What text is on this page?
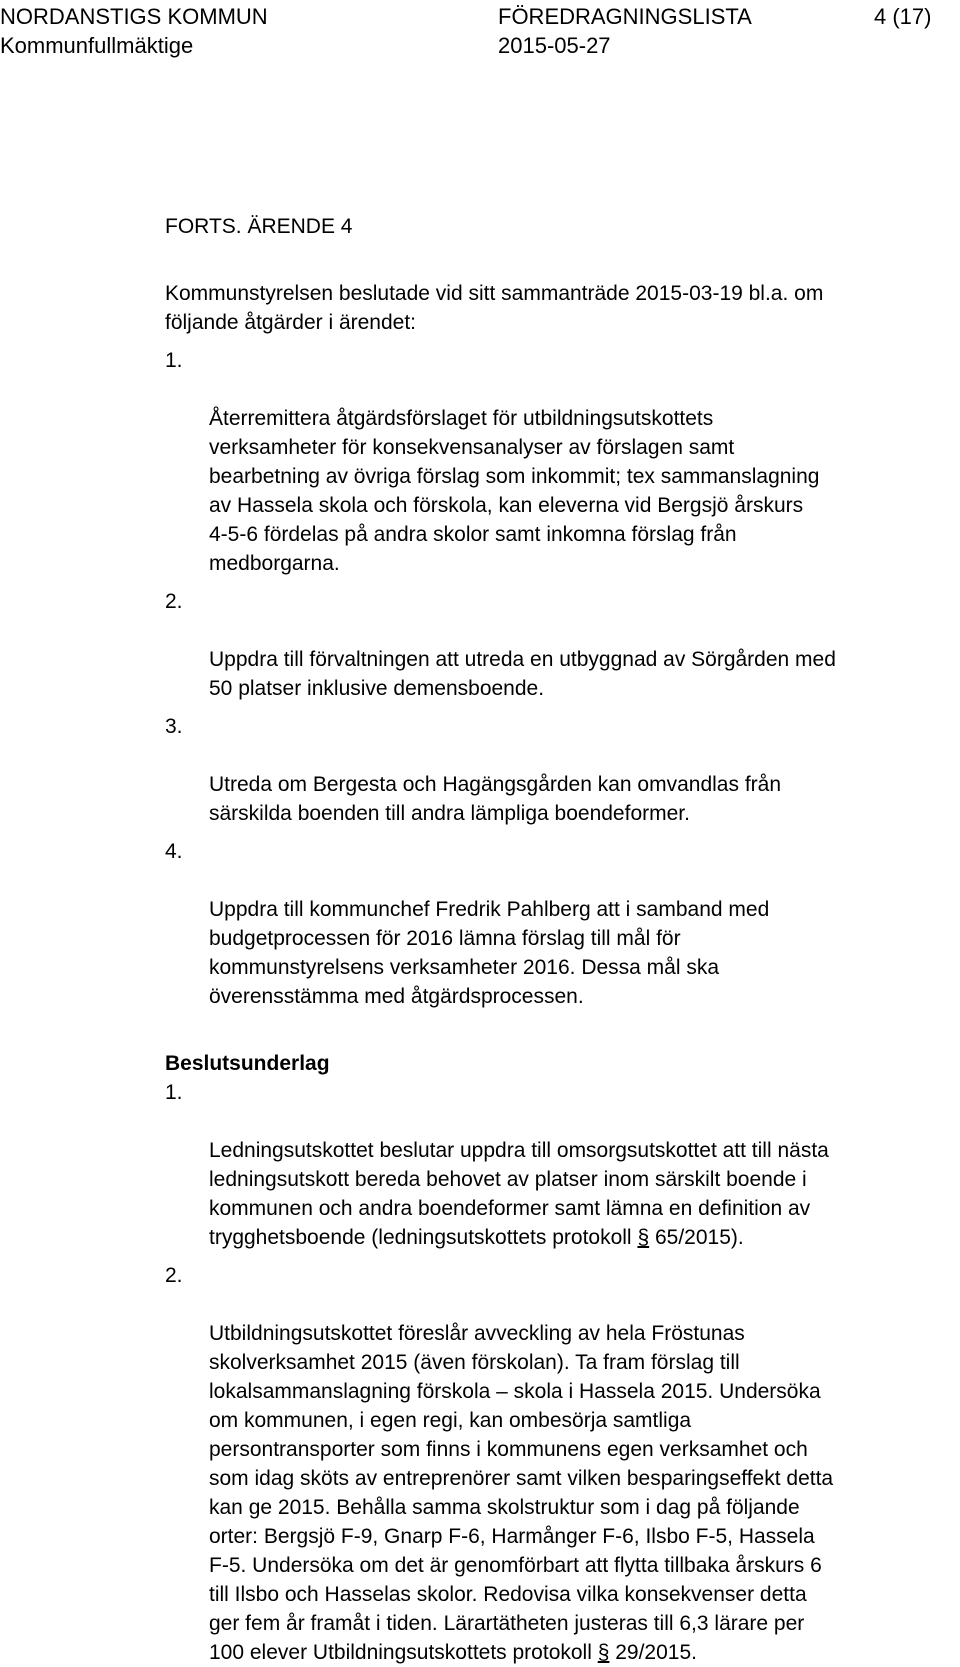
NORDANSTIGS KOMMUN
Kommunfullmäktige
FÖREDRAGNINGSLISTA
2015-05-27
4 (17)

FORTS. ÄRENDE 4

Kommunstyrelsen beslutade vid sitt sammanträde 2015-03-19 bl.a. om
följande åtgärder i ärendet:

1.

Återremittera åtgärdsförslaget för utbildningsutskottets
verksamheter för konsekvensanalyser av förslagen samt
bearbetning av övriga förslag som inkommit; tex sammanslagning
av Hassela skola och förskola, kan eleverna vid Bergsjö årskurs
4-5-6 fördelas på andra skolor samt inkomna förslag från
medborgarna.

2.

Uppdra till förvaltningen att utreda en utbyggnad av Sörgården med
50 platser inklusive demensboende.

3.

Utreda om Bergesta och Hagängsgården kan omvandlas från
särskilda boenden till andra lämpliga boendeformer.

4.

Uppdra till kommunchef Fredrik Pahlberg att i samband med
budgetprocessen för 2016 lämna förslag till mål för
kommunstyrelsens verksamheter 2016. Dessa mål ska
överensstämma med åtgärdsprocessen.

Beslutsunderlag

1.

Ledningsutskottet beslutar uppdra till omsorgsutskottet att till nästa
ledningsutskott bereda behovet av platser inom särskilt boende i
kommunen och andra boendeformer samt lämna en definition av
trygghetsboende (ledningsutskottets protokoll § 65/2015).

2.

Utbildningsutskottet föreslår avveckling av hela Fröstunas
skolverksamhet 2015 (även förskolan). Ta fram förslag till
lokalsammanslagning förskola – skola i Hassela 2015. Undersöka
om kommunen, i egen regi, kan ombesörja samtliga
persontransporter som finns i kommunens egen verksamhet och
som idag sköts av entreprenörer samt vilken besparingseffekt detta
kan ge 2015. Behålla samma skolstruktur som i dag på följande
orter: Bergsjö F-9, Gnarp F-6, Harmånger F-6, Ilsbo F-5, Hassela
F-5. Undersöka om det är genomförbart att flytta tillbaka årskurs 6
till Ilsbo och Hasselas skolor. Redovisa vilka konsekvenser detta
ger fem år framåt i tiden. Lärartätheten justeras till 6,3 lärare per
100 elever Utbildningsutskottets protokoll § 29/2015.
